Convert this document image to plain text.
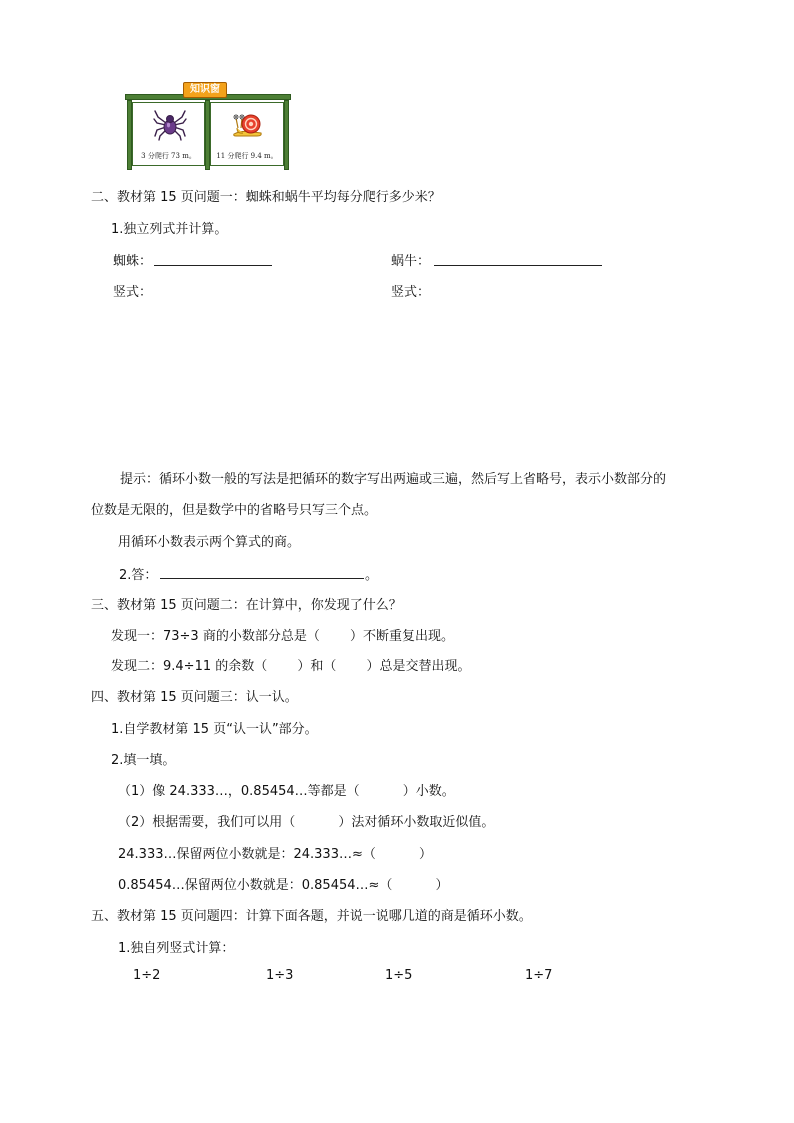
3 分爬行 73 m。	11 分爬行 9.4 m。
知识窗
二、教材第 15 页问题一：蜘蛛和蜗牛平均每分爬行多少米？
1.独立列式并计算。
蜘蛛：	蜗牛：
竖式：	竖式：
提示：循环小数一般的写法是把循环的数字写出两遍或三遍，然后写上省略号，表示小数部分的
位数是无限的，但是数学中的省略号只写三个点。
用循环小数表示两个算式的商。
2.答：	。
三、教材第 15 页问题二：在计算中，你发现了什么？
发现一：73÷3 商的小数部分总是（　　 ）不断重复出现。
发现二：9.4÷11 的余数（　　 ）和（　　 ）总是交替出现。
四、教材第 15 页问题三：认一认。
1.自学教材第 15 页“认一认”部分。
2.填一填。
（1）像 24.333…，0.85454…等都是（　　　 ）小数。
（2）根据需要，我们可以用（　　　 ）法对循环小数取近似值。
24.333…保留两位小数就是：24.333…≈（　　　 ）
0.85454…保留两位小数就是：0.85454…≈（　　　 ）
五、教材第 15 页问题四：计算下面各题，并说一说哪几道的商是循环小数。
1.独自列竖式计算：
1÷2	1÷3	1÷5	1÷7
